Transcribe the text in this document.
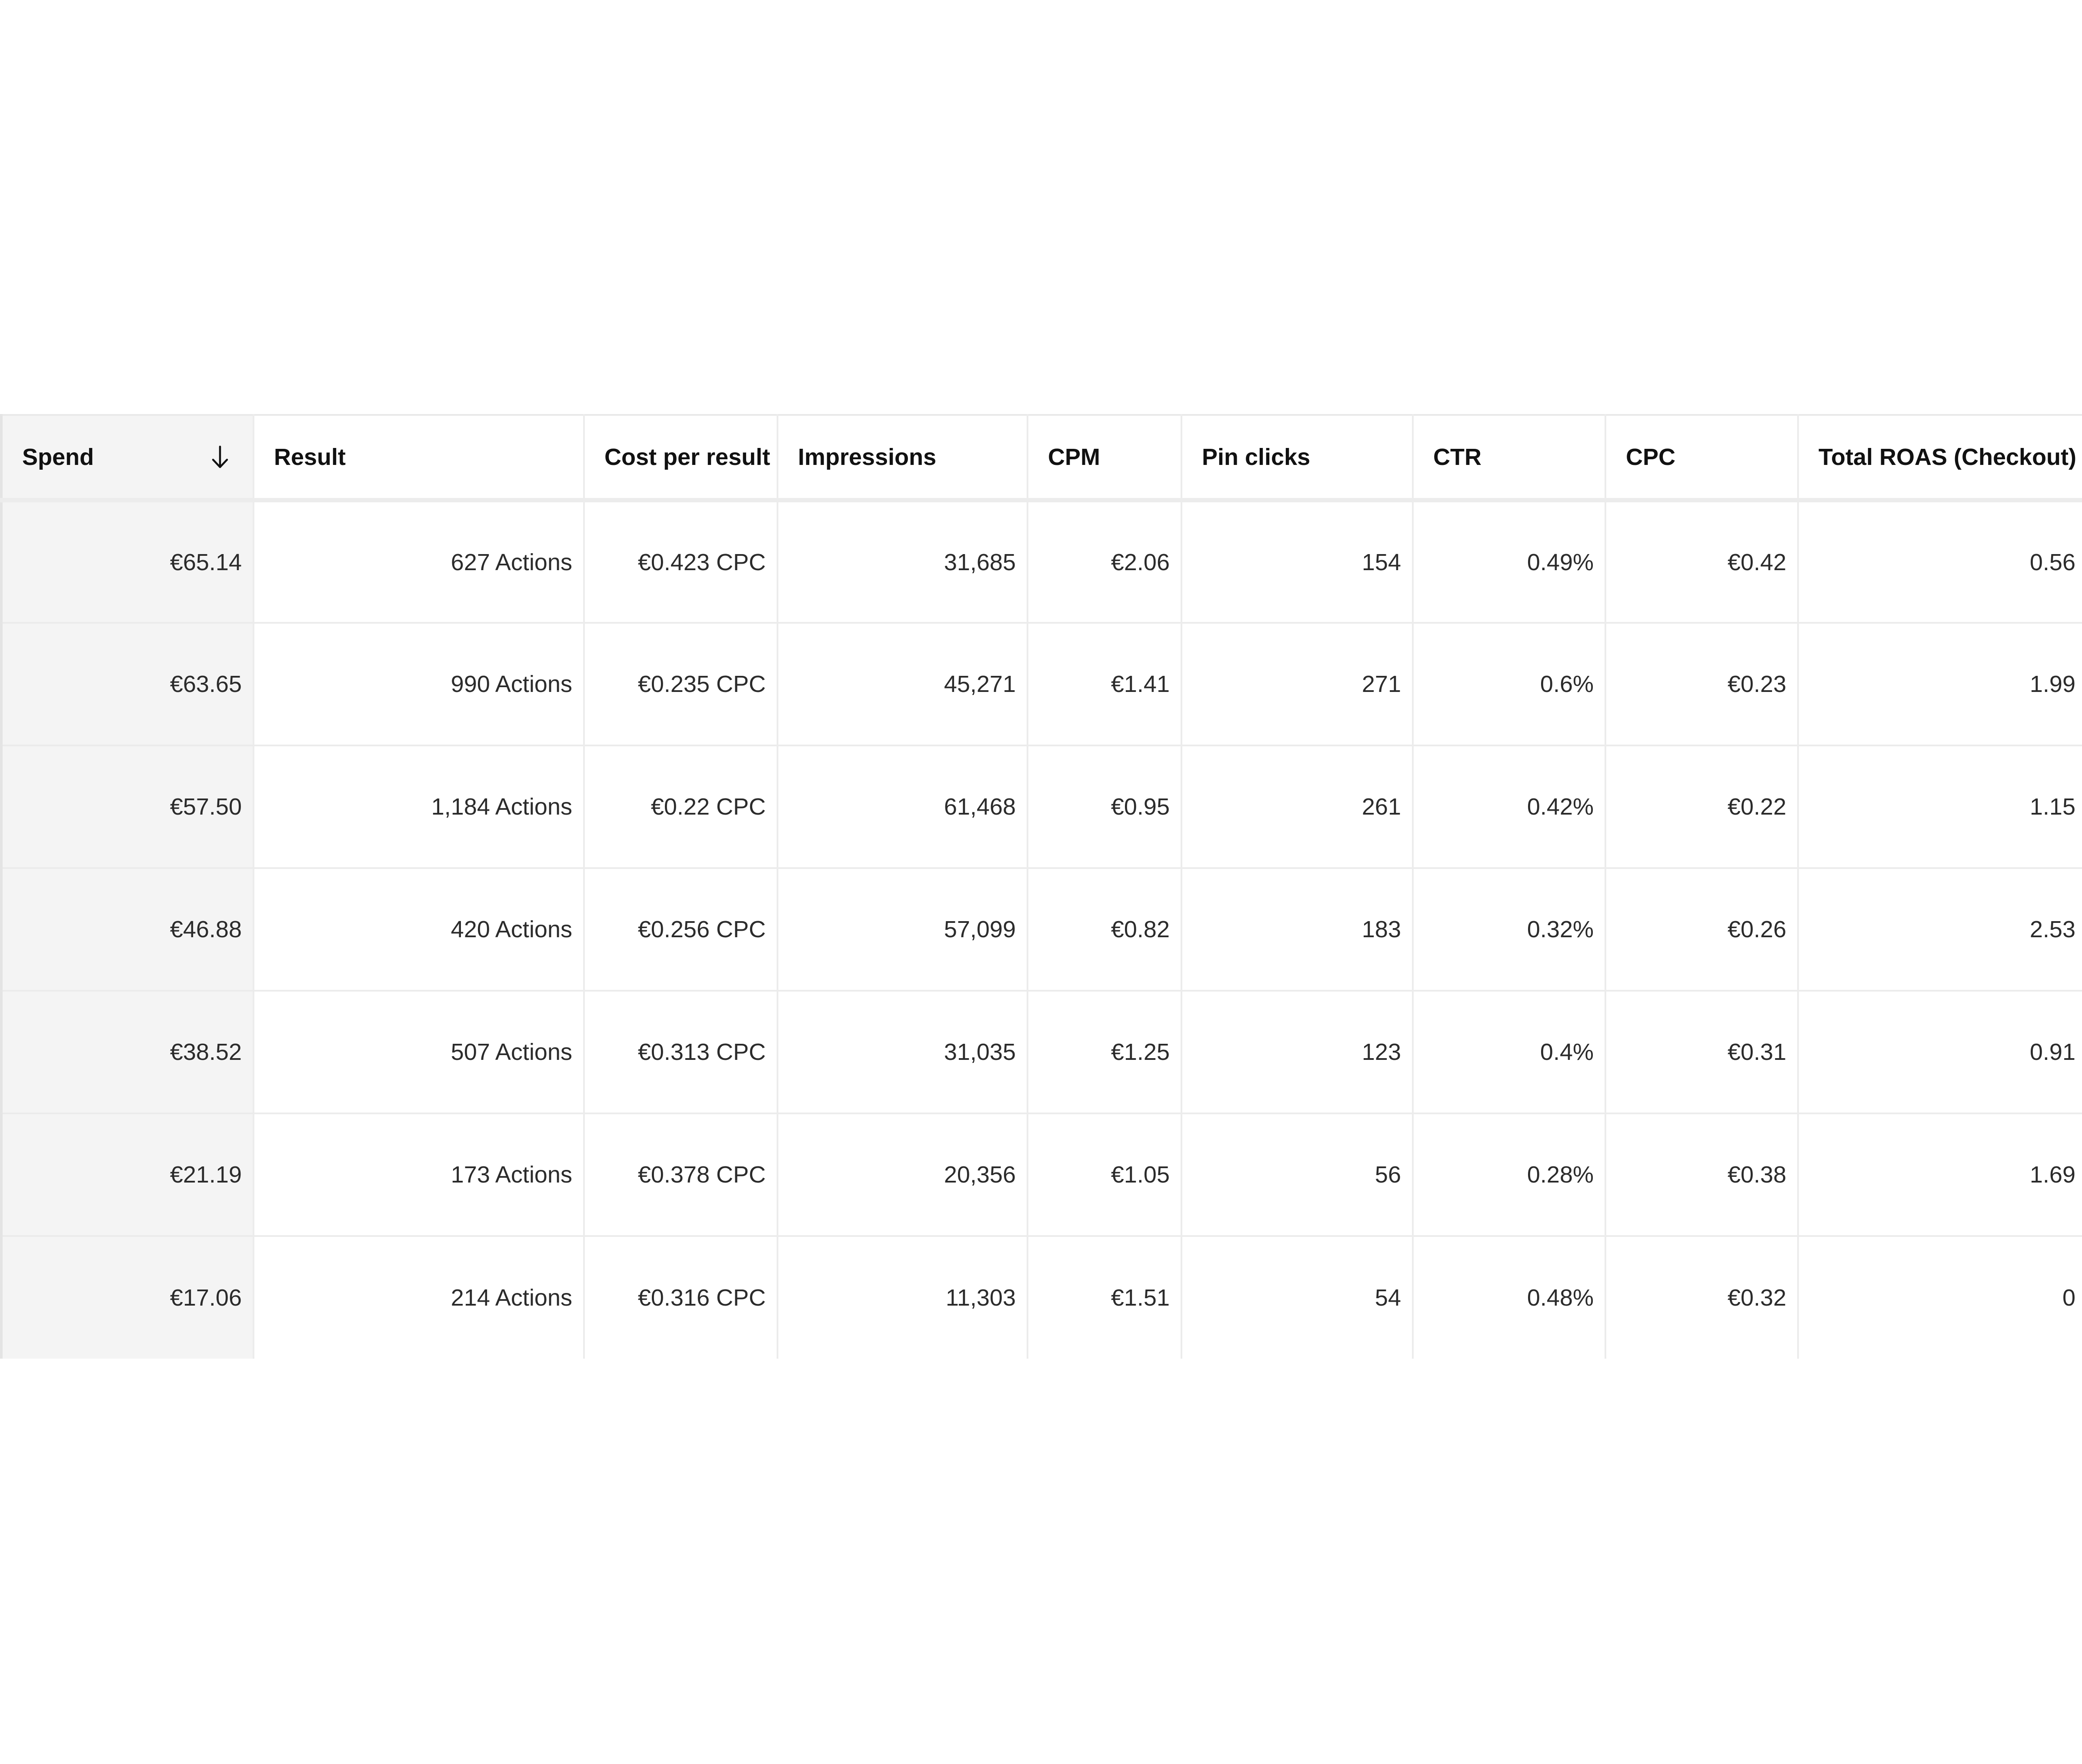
Spend	Result	Cost per result	Impressions	CPM	Pin clicks	CTR	CPC	Total ROAS (Checkout)
€65.14	627 Actions	€0.423 CPC	31,685	€2.06	154	0.49%	€0.42	0.56
€63.65	990 Actions	€0.235 CPC	45,271	€1.41	271	0.6%	€0.23	1.99
€57.50	1,184 Actions	€0.22 CPC	61,468	€0.95	261	0.42%	€0.22	1.15
€46.88	420 Actions	€0.256 CPC	57,099	€0.82	183	0.32%	€0.26	2.53
€38.52	507 Actions	€0.313 CPC	31,035	€1.25	123	0.4%	€0.31	0.91
€21.19	173 Actions	€0.378 CPC	20,356	€1.05	56	0.28%	€0.38	1.69
€17.06	214 Actions	€0.316 CPC	11,303	€1.51	54	0.48%	€0.32	0
